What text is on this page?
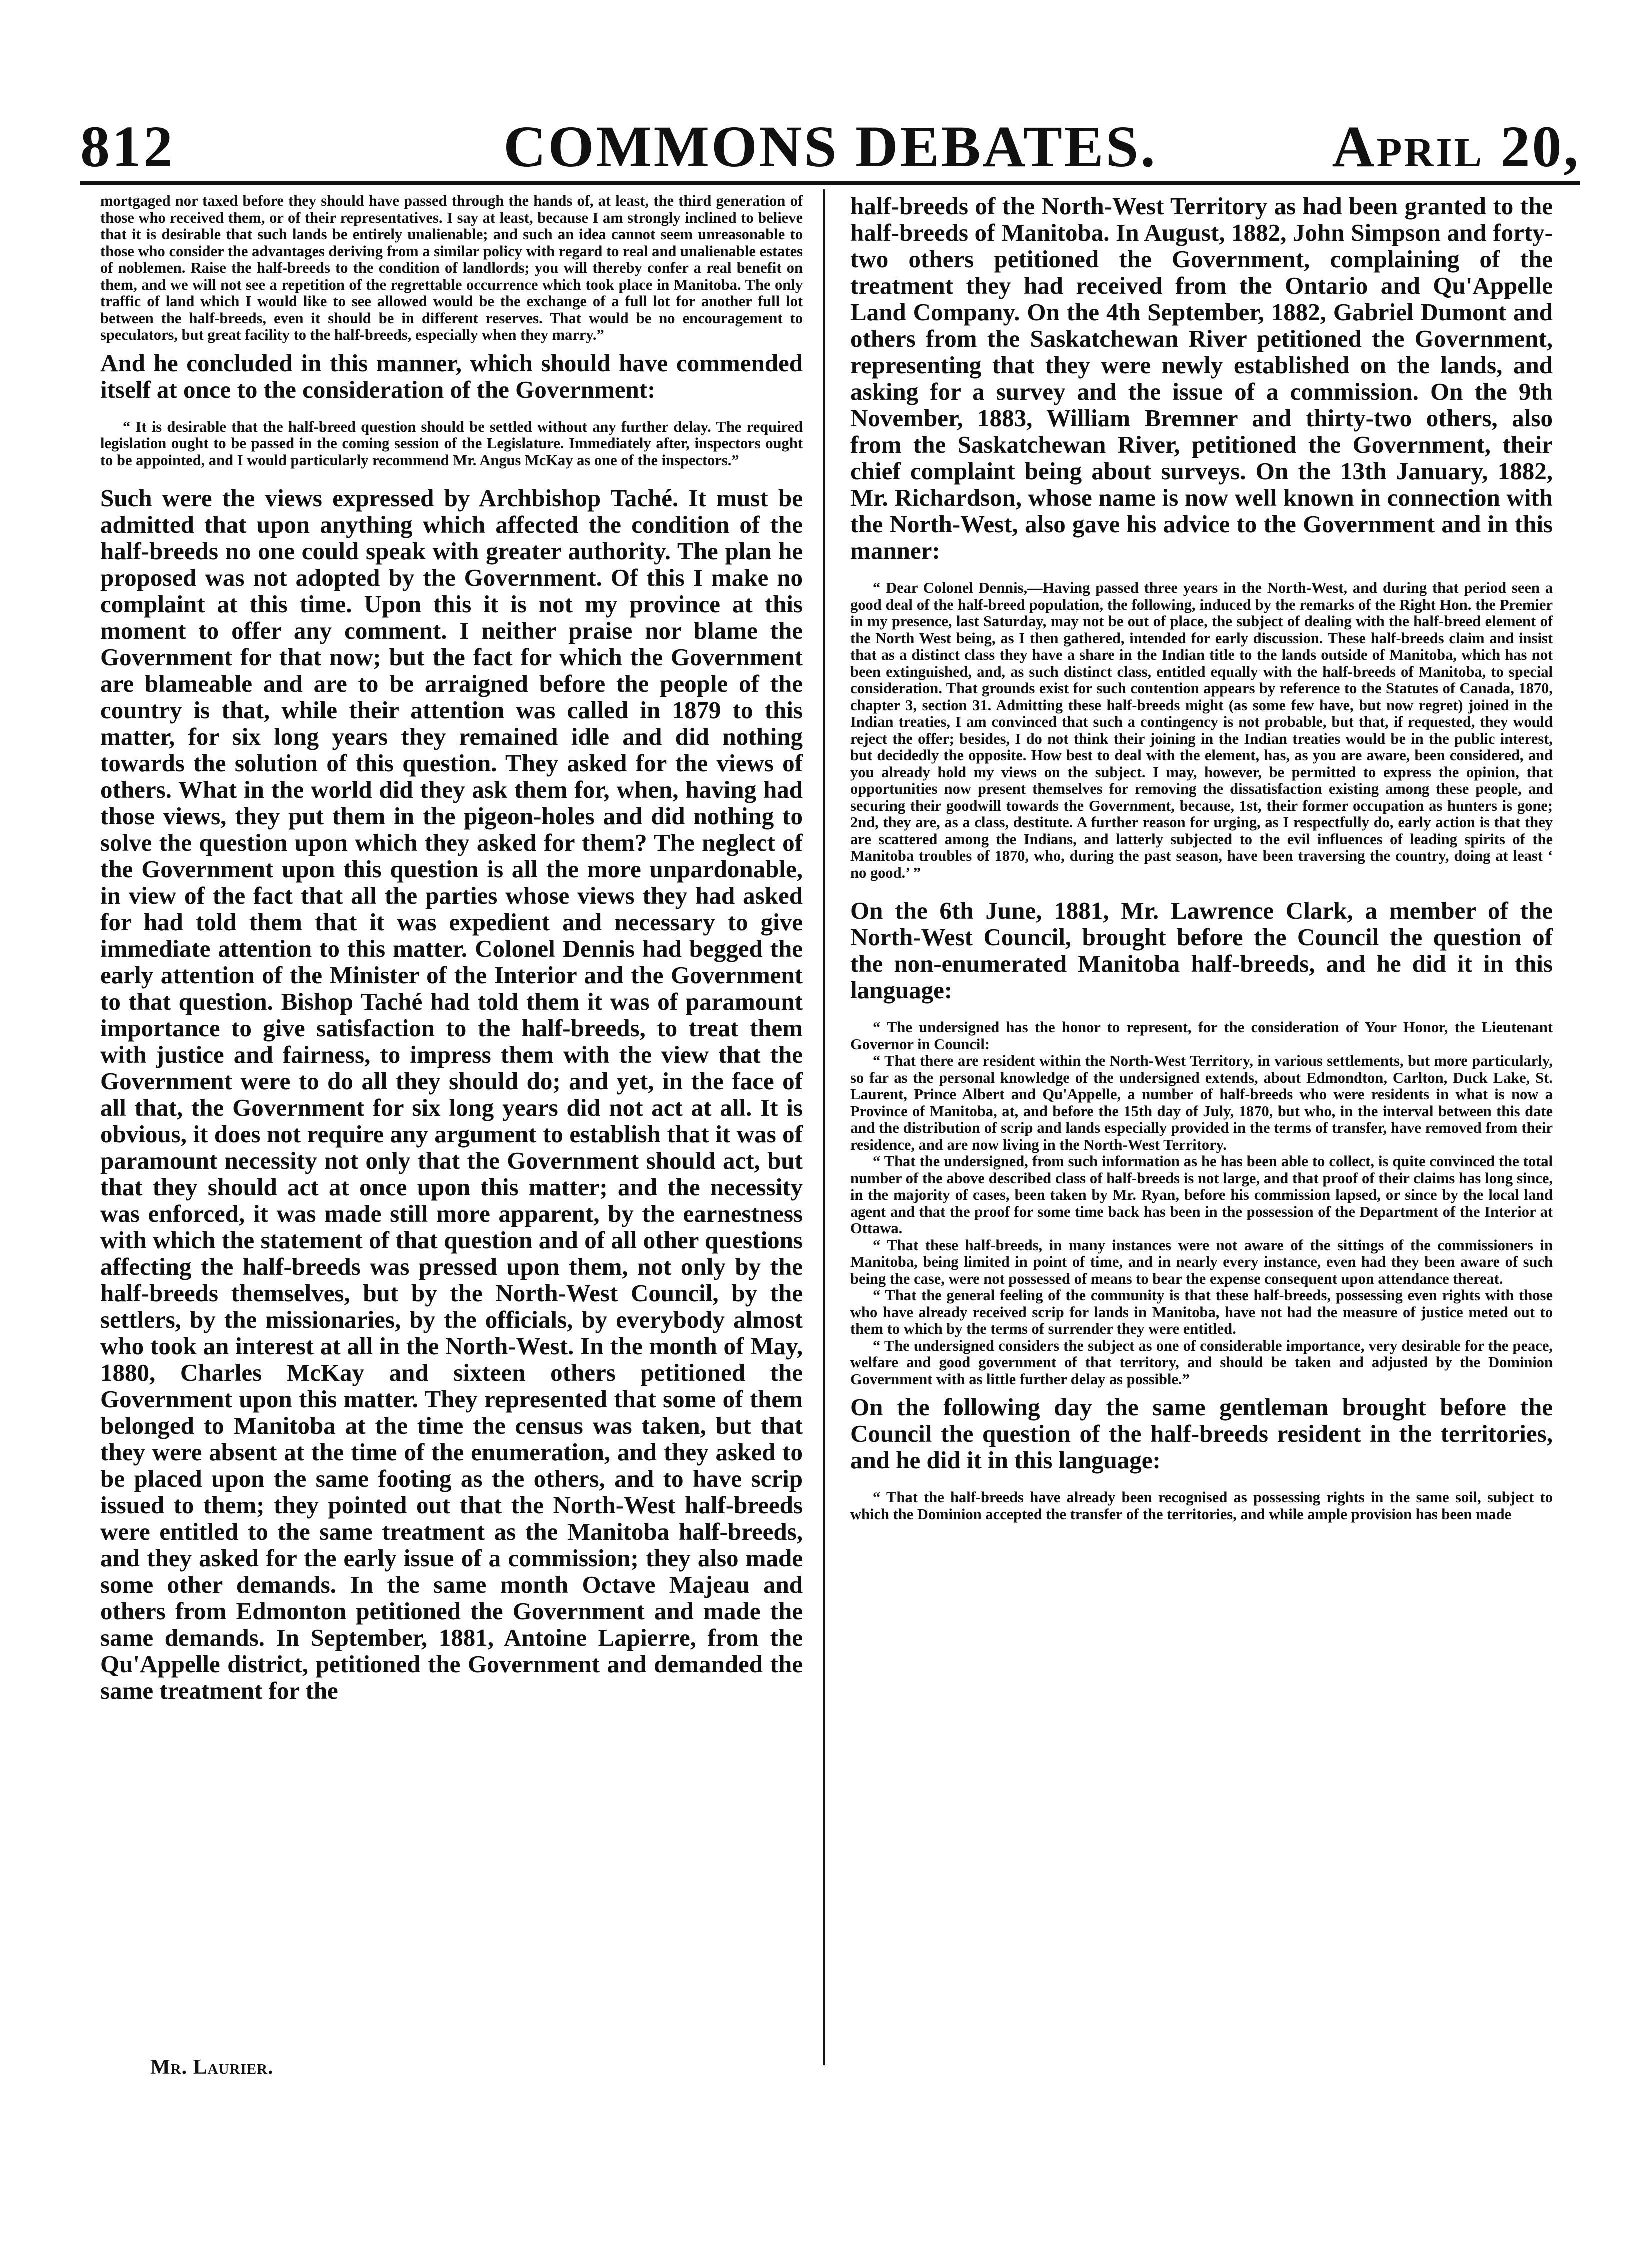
COMMONS DEBATES.
812	April 20,

mortgaged nor taxed before they should have passed through the hands of, at least, the third generation of those who received them, or of their representatives. I say at least, because I am strongly inclined to believe that it is desirable that such lands be entirely unalienable; and such an idea cannot seem unreasonable to those who consider the advantages deriving from a similar policy with regard to real and unalienable estates of noblemen. Raise the half-breeds to the condition of landlords; you will thereby confer a real benefit on them, and we will not see a repetition of the regrettable occurrence which took place in Manitoba. The only traffic of land which I would like to see allowed would be the exchange of a full lot for another full lot between the half-breeds, even it should be in different reserves. That would be no encouragement to speculators, but great facility to the half-breeds, especially when they marry.”

And he concluded in this manner, which should have commended itself at once to the consideration of the Government:

“ It is desirable that the half-breed question should be settled without any further delay. The required legislation ought to be passed in the coming session of the Legislature. Immediately after, inspectors ought to be appointed, and I would particularly recommend Mr. Angus McKay as one of the inspectors.”

Such were the views expressed by Archbishop Taché. It must be admitted that upon anything which affected the condition of the half-breeds no one could speak with greater authority. The plan he proposed was not adopted by the Government. Of this I make no complaint at this time. Upon this it is not my province at this moment to offer any comment. I neither praise nor blame the Government for that now; but the fact for which the Government are blameable and are to be arraigned before the people of the country is that, while their attention was called in 1879 to this matter, for six long years they remained idle and did nothing towards the solution of this question. They asked for the views of others. What in the world did they ask them for, when, having had those views, they put them in the pigeon-holes and did nothing to solve the question upon which they asked for them? The neglect of the Government upon this question is all the more unpardonable, in view of the fact that all the parties whose views they had asked for had told them that it was expedient and necessary to give immediate attention to this matter. Colonel Dennis had begged the early attention of the Minister of the Interior and the Government to that question. Bishop Taché had told them it was of paramount importance to give satisfaction to the half-breeds, to treat them with justice and fairness, to impress them with the view that the Government were to do all they should do; and yet, in the face of all that, the Government for six long years did not act at all. It is obvious, it does not require any argument to establish that it was of paramount necessity not only that the Government should act, but that they should act at once upon this matter; and the necessity was enforced, it was made still more apparent, by the earnestness with which the statement of that question and of all other questions affecting the half-breeds was pressed upon them, not only by the half-breeds themselves, but by the North-West Council, by the settlers, by the missionaries, by the officials, by everybody almost who took an interest at all in the North-West. In the month of May, 1880, Charles McKay and sixteen others petitioned the Government upon this matter. They represented that some of them belonged to Manitoba at the time the census was taken, but that they were absent at the time of the enumeration, and they asked to be placed upon the same footing as the others, and to have scrip issued to them; they pointed out that the North-West half-breeds were entitled to the same treatment as the Manitoba half-breeds, and they asked for the early issue of a commission; they also made some other demands. In the same month Octave Majeau and others from Edmonton petitioned the Government and made the same demands. In September, 1881, Antoine Lapierre, from the Qu'Appelle district, petitioned the Government and demanded the same treatment for the

half-breeds of the North-West Territory as had been granted to the half-breeds of Manitoba. In August, 1882, John Simpson and forty-two others petitioned the Government, complaining of the treatment they had received from the Ontario and Qu'Appelle Land Company. On the 4th September, 1882, Gabriel Dumont and others from the Saskatchewan River petitioned the Government, representing that they were newly established on the lands, and asking for a survey and the issue of a commission. On the 9th November, 1883, William Bremner and thirty-two others, also from the Saskatchewan River, petitioned the Government, their chief complaint being about surveys. On the 13th January, 1882, Mr. Richardson, whose name is now well known in connection with the North-West, also gave his advice to the Government and in this manner:

“ Dear Colonel Dennis,—Having passed three years in the North-West, and during that period seen a good deal of the half-breed population, the following, induced by the remarks of the Right Hon. the Premier in my presence, last Saturday, may not be out of place, the subject of dealing with the half-breed element of the North West being, as I then gathered, intended for early discussion. These half-breeds claim and insist that as a distinct class they have a share in the Indian title to the lands outside of Manitoba, which has not been extinguished, and, as such distinct class, entitled equally with the half-breeds of Manitoba, to special consideration. That grounds exist for such contention appears by reference to the Statutes of Canada, 1870, chapter 3, section 31. Admitting these half-breeds might (as some few have, but now regret) joined in the Indian treaties, I am convinced that such a contingency is not probable, but that, if requested, they would reject the offer; besides, I do not think their joining in the Indian treaties would be in the public interest, but decidedly the opposite. How best to deal with the element, has, as you are aware, been considered, and you already hold my views on the subject. I may, however, be permitted to express the opinion, that opportunities now present themselves for removing the dissatisfaction existing among these people, and securing their goodwill towards the Government, because, 1st, their former occupation as hunters is gone; 2nd, they are, as a class, destitute. A further reason for urging, as I respectfully do, early action is that they are scattered among the Indians, and latterly subjected to the evil influences of leading spirits of the Manitoba troubles of 1870, who, during the past season, have been traversing the country, doing at least ‘ no good.’ ”

On the 6th June, 1881, Mr. Lawrence Clark, a member of the North-West Council, brought before the Council the question of the non-enumerated Manitoba half-breeds, and he did it in this language:

“ The undersigned has the honor to represent, for the consideration of Your Honor, the Lieutenant Governor in Council:

“ That there are resident within the North-West Territory, in various settlements, but more particularly, so far as the personal knowledge of the undersigned extends, about Edmondton, Carlton, Duck Lake, St. Laurent, Prince Albert and Qu'Appelle, a number of half-breeds who were residents in what is now a Province of Manitoba, at, and before the 15th day of July, 1870, but who, in the interval between this date and the distribution of scrip and lands especially provided in the terms of transfer, have removed from their residence, and are now living in the North-West Territory.

“ That the undersigned, from such information as he has been able to collect, is quite convinced the total number of the above described class of half-breeds is not large, and that proof of their claims has long since, in the majority of cases, been taken by Mr. Ryan, before his commission lapsed, or since by the local land agent and that the proof for some time back has been in the possession of the Department of the Interior at Ottawa.

“ That these half-breeds, in many instances were not aware of the sittings of the commissioners in Manitoba, being limited in point of time, and in nearly every instance, even had they been aware of such being the case, were not possessed of means to bear the expense consequent upon attendance thereat.

“ That the general feeling of the community is that these half-breeds, possessing even rights with those who have already received scrip for lands in Manitoba, have not had the measure of justice meted out to them to which by the terms of surrender they were entitled.

“ The undersigned considers the subject as one of considerable importance, very desirable for the peace, welfare and good government of that territory, and should be taken and adjusted by the Dominion Government with as little further delay as possible.”

On the following day the same gentleman brought before the Council the question of the half-breeds resident in the territories, and he did it in this language:

“ That the half-breeds have already been recognised as possessing rights in the same soil, subject to which the Dominion accepted the transfer of the territories, and while ample provision has been made

Mr. Laurier.
